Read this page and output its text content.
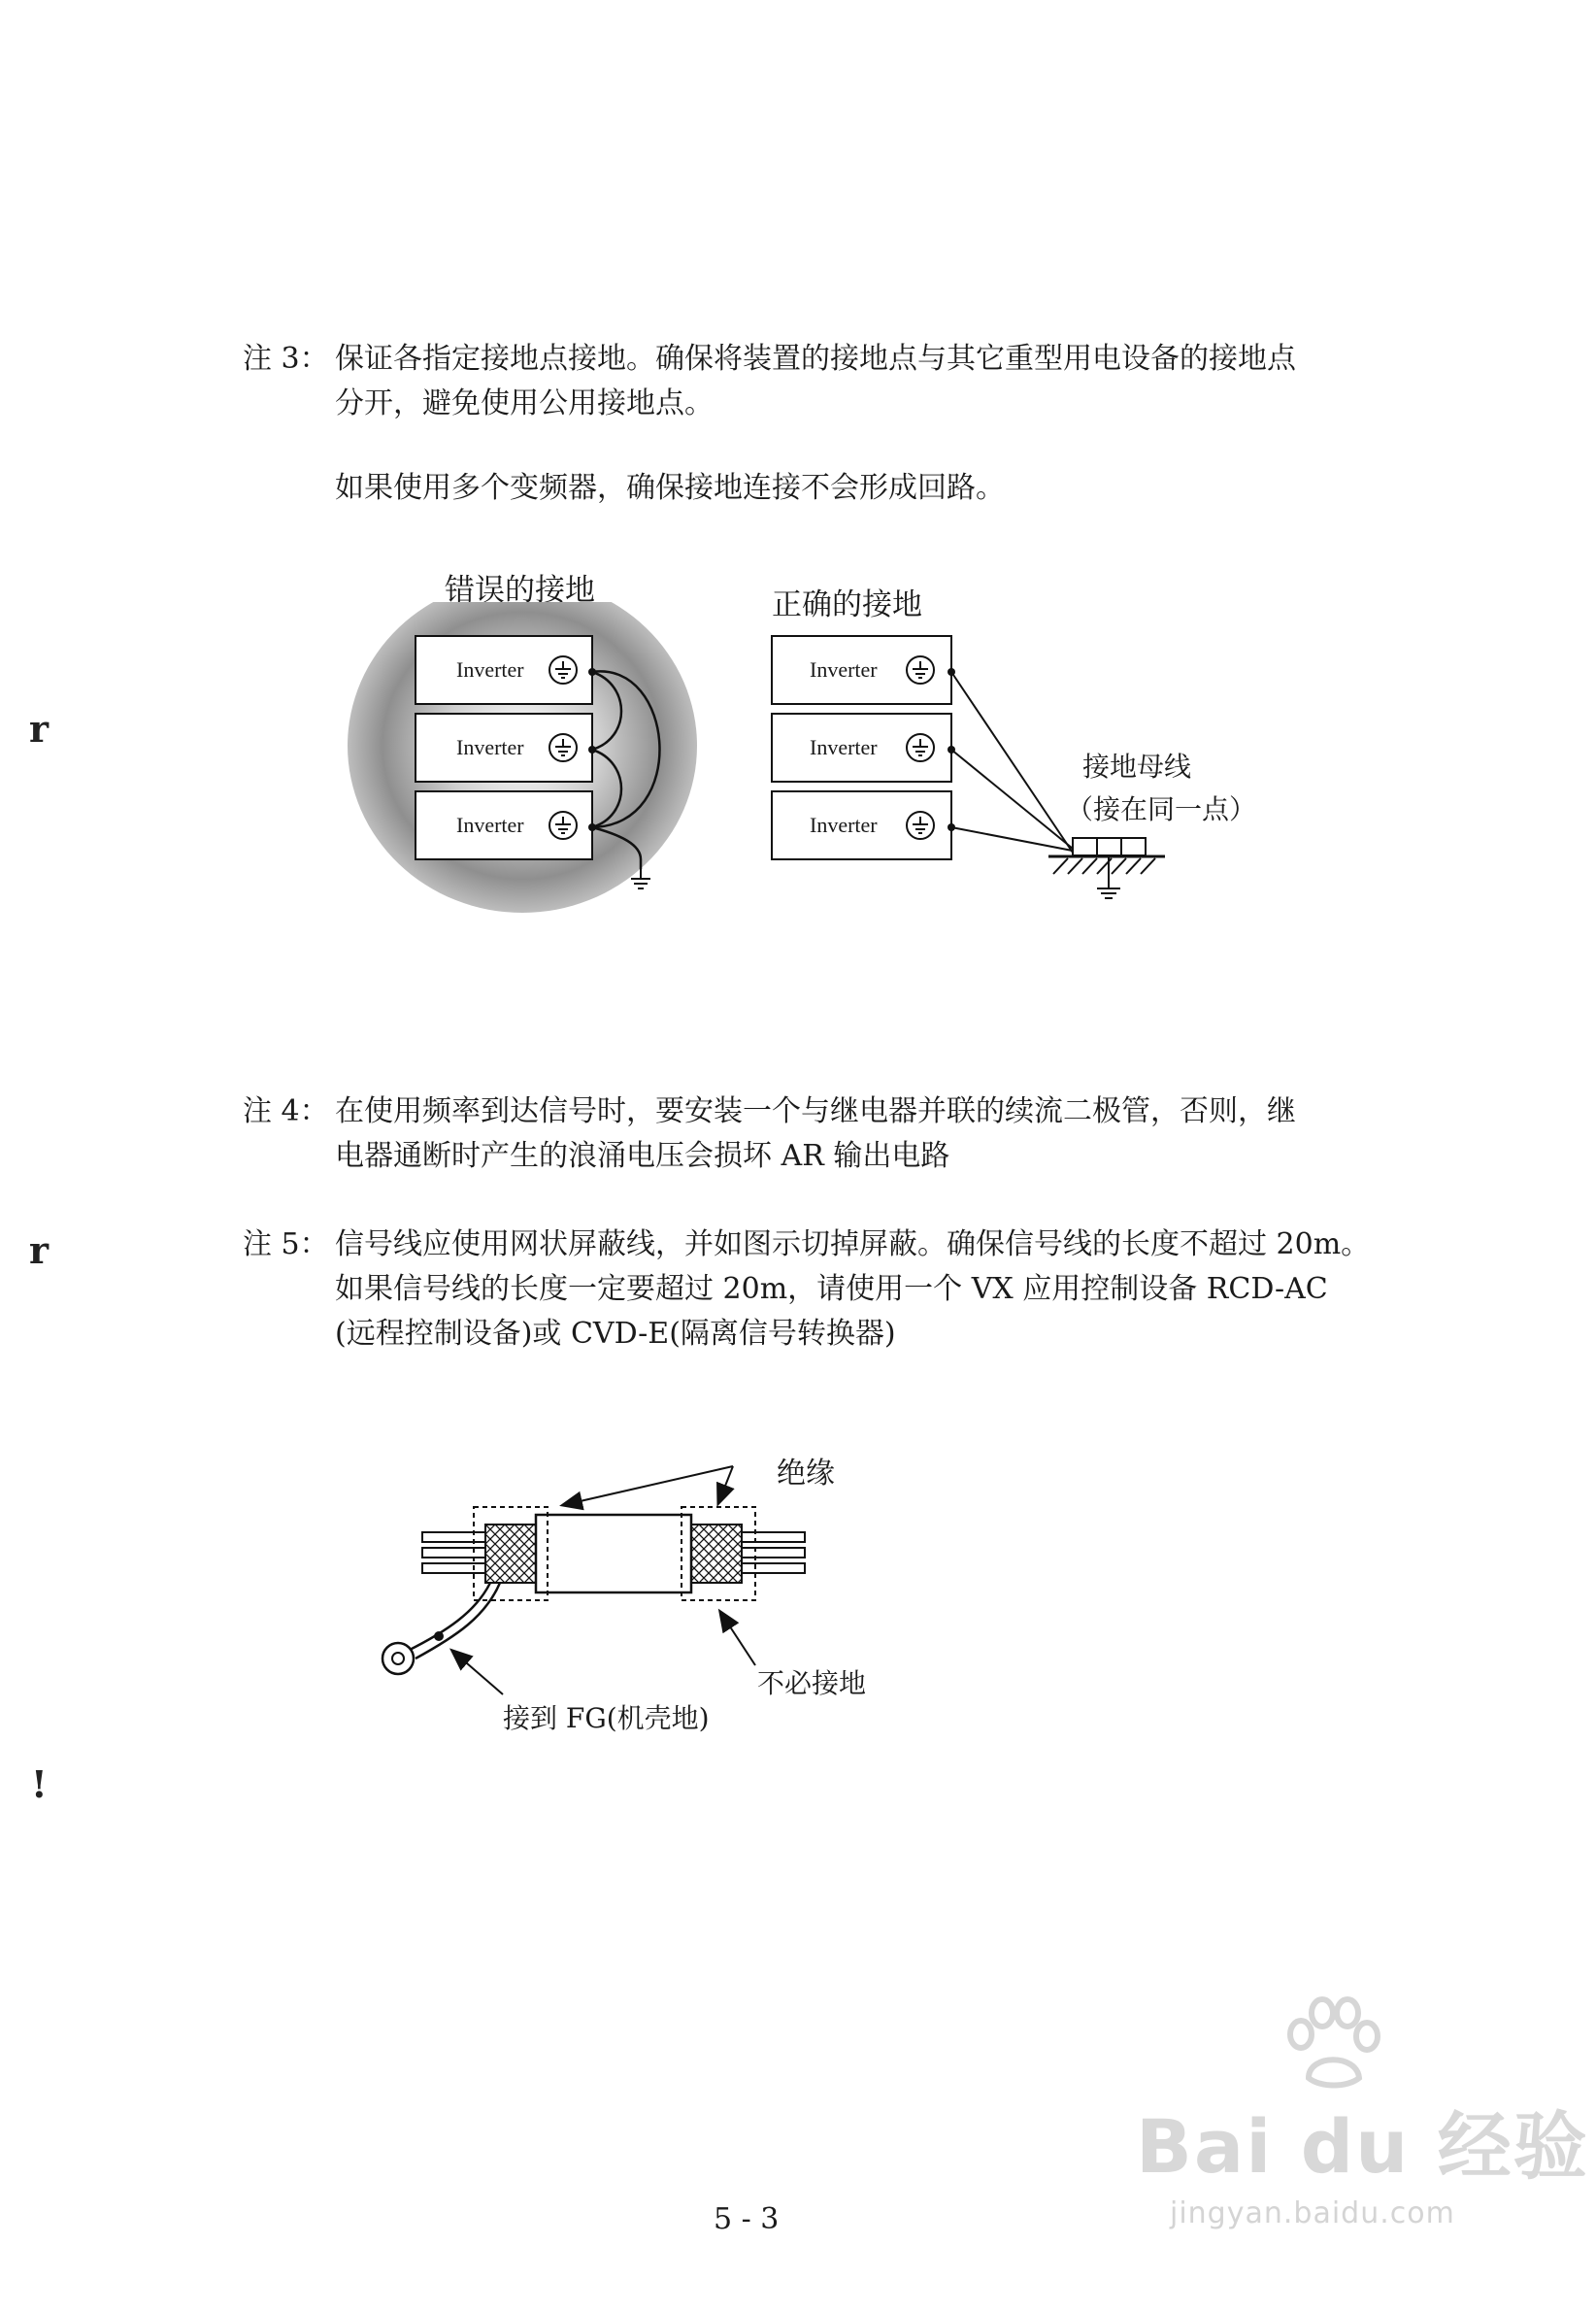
r
r
!
注 3： 保证各指定接地点接地。确保将装置的接地点与其它重型用电设备的接地点
分开，避免使用公用接地点。
如果使用多个变频器，确保接地连接不会形成回路。
错误的接地	正确的接地
Inverter
Inverter
Inverter
Inverter
Inverter
Inverter
接地母线
（接在同一点）
注 4： 在使用频率到达信号时，要安装一个与继电器并联的续流二极管，否则，继
电器通断时产生的浪涌电压会损坏 AR 输出电路
注 5： 信号线应使用网状屏蔽线，并如图示切掉屏蔽。确保信号线的长度不超过 20m。
如果信号线的长度一定要超过 20m，请使用一个 VX 应用控制设备 RCD-AC
(远程控制设备)或 CVD-E(隔离信号转换器)
绝缘
不必接地
接到 FG(机壳地)
Bai du 经验
jingyan.baidu.com
5 - 3
